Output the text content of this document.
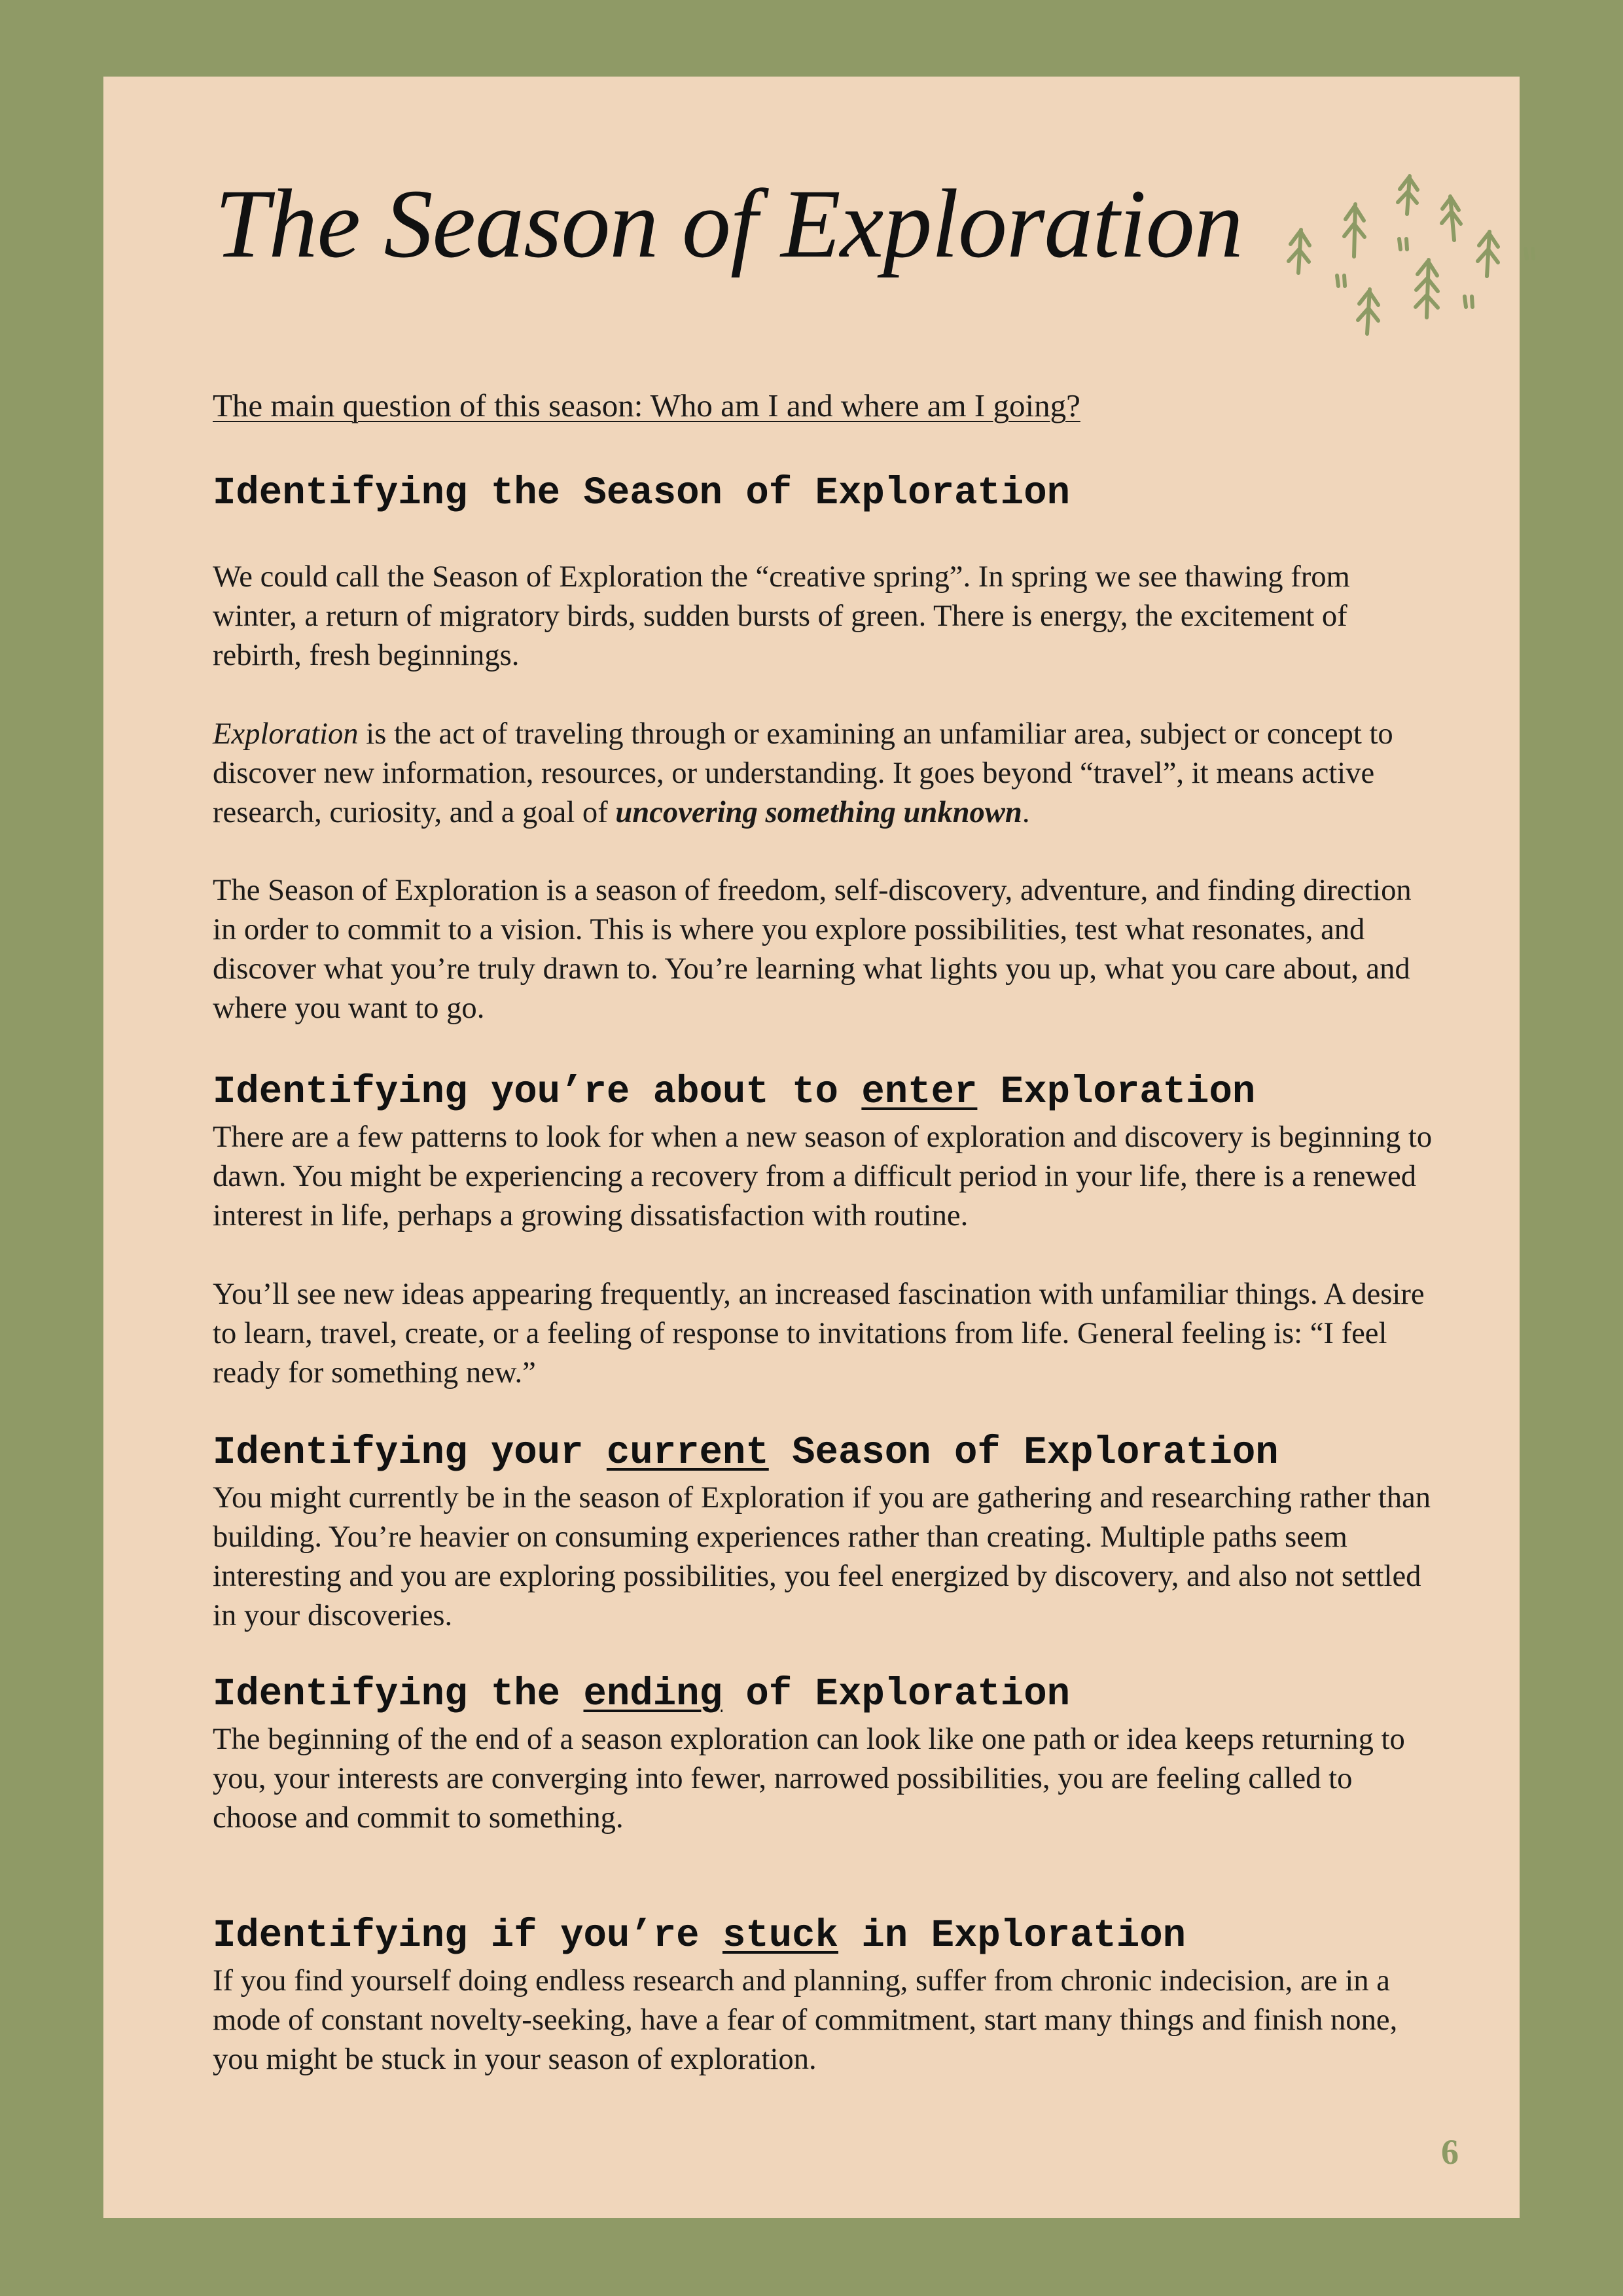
The Season of Exploration
The main question of this season: Who am I and where am I going?
Identifying the Season of Exploration

We could call the Season of Exploration the “creative spring”. In spring we see thawing from winter, a return of migratory birds, sudden bursts of green. There is energy, the excitement of rebirth, fresh beginnings.

Exploration is the act of traveling through or examining an unfamiliar area, subject or concept to discover new information, resources, or understanding. It goes beyond “travel”, it means active research, curiosity, and a goal of uncovering something unknown.

The Season of Exploration is a season of freedom, self-discovery, adventure, and finding direction in order to commit to a vision. This is where you explore possibilities, test what resonates, and discover what you’re truly drawn to. You’re learning what lights you up, what you care about, and where you want to go.

Identifying you’re about to enter Exploration

There are a few patterns to look for when a new season of exploration and discovery is beginning to dawn. You might be experiencing a recovery from a difficult period in your life, there is a renewed interest in life, perhaps a growing dissatisfaction with routine.

You’ll see new ideas appearing frequently, an increased fascination with unfamiliar things. A desire to learn, travel, create, or a feeling of response to invitations from life. General feeling is: “I feel ready for something new.”

Identifying your current Season of Exploration

You might currently be in the season of Exploration if you are gathering and researching rather than building. You’re heavier on consuming experiences rather than creating. Multiple paths seem interesting and you are exploring possibilities, you feel energized by discovery, and also not settled in your discoveries.

Identifying the ending of Exploration

The beginning of the end of a season exploration can look like one path or idea keeps returning to you, your interests are converging into fewer, narrowed possibilities, you are feeling called to choose and commit to something.

Identifying if you’re stuck in Exploration

If you find yourself doing endless research and planning, suffer from chronic indecision, are in a mode of constant novelty-seeking, have a fear of commitment, start many things and finish none, you might be stuck in your season of exploration.

6
